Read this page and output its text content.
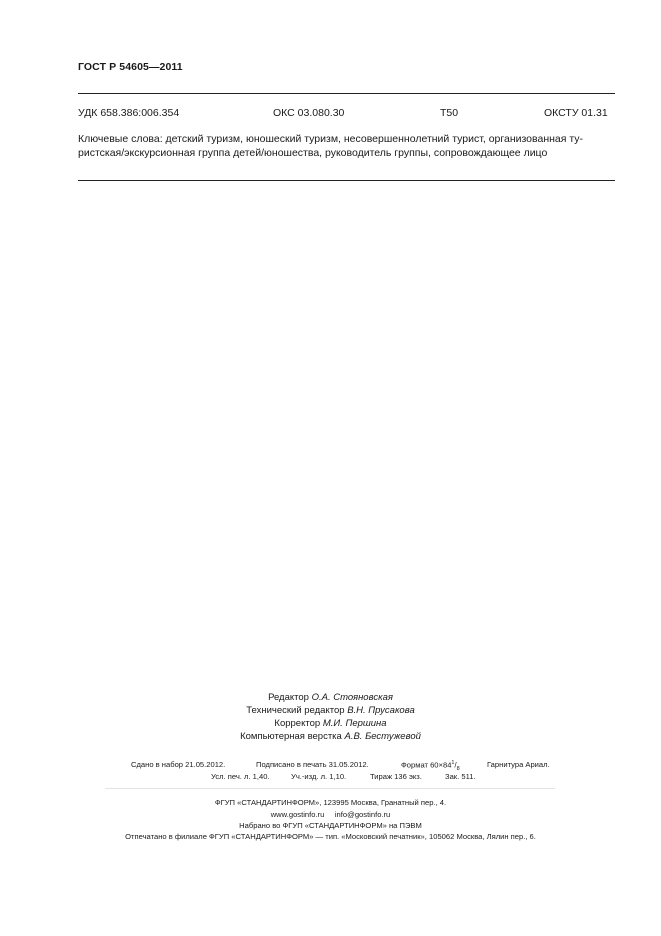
ГОСТ Р 54605—2011
УДК 658.386:006.354	ОКС 03.080.30	Т50	ОКСТУ 01.31

Ключевые слова: детский туризм, юношеский туризм, несовершеннолетний турист, организованная ту-

ристская/экскурсионная группа детей/юношества, руководитель группы, сопровождающее лицо

Редактор О.А. Стояновская
Технический редактор В.Н. Прусакова
Корректор М.И. Першина
Компьютерная верстка А.В. Бестужевой
Сдано в набор 21.05.2012.	Подписано в печать 31.05.2012.	Формат $60\times 84^1/_8$
Гарнитура Ариал.
Усл. печ. л. 1,40.	Уч.-изд. л. 1,10.	Тираж 136 экз.	Зак. 511.
ФГУП «СТАНДАРТИНФОРМ», 123995 Москва, Гранатный пер., 4.
www.gostinfo.ru info@gostinfo.ru
Набрано во ФГУП «СТАНДАРТИНФОРМ» на ПЭВМ
Отпечатано в филиале ФГУП «СТАНДАРТИНФОРМ» — тип. «Московский печатник», 105062 Москва, Лялин пер., 6.
